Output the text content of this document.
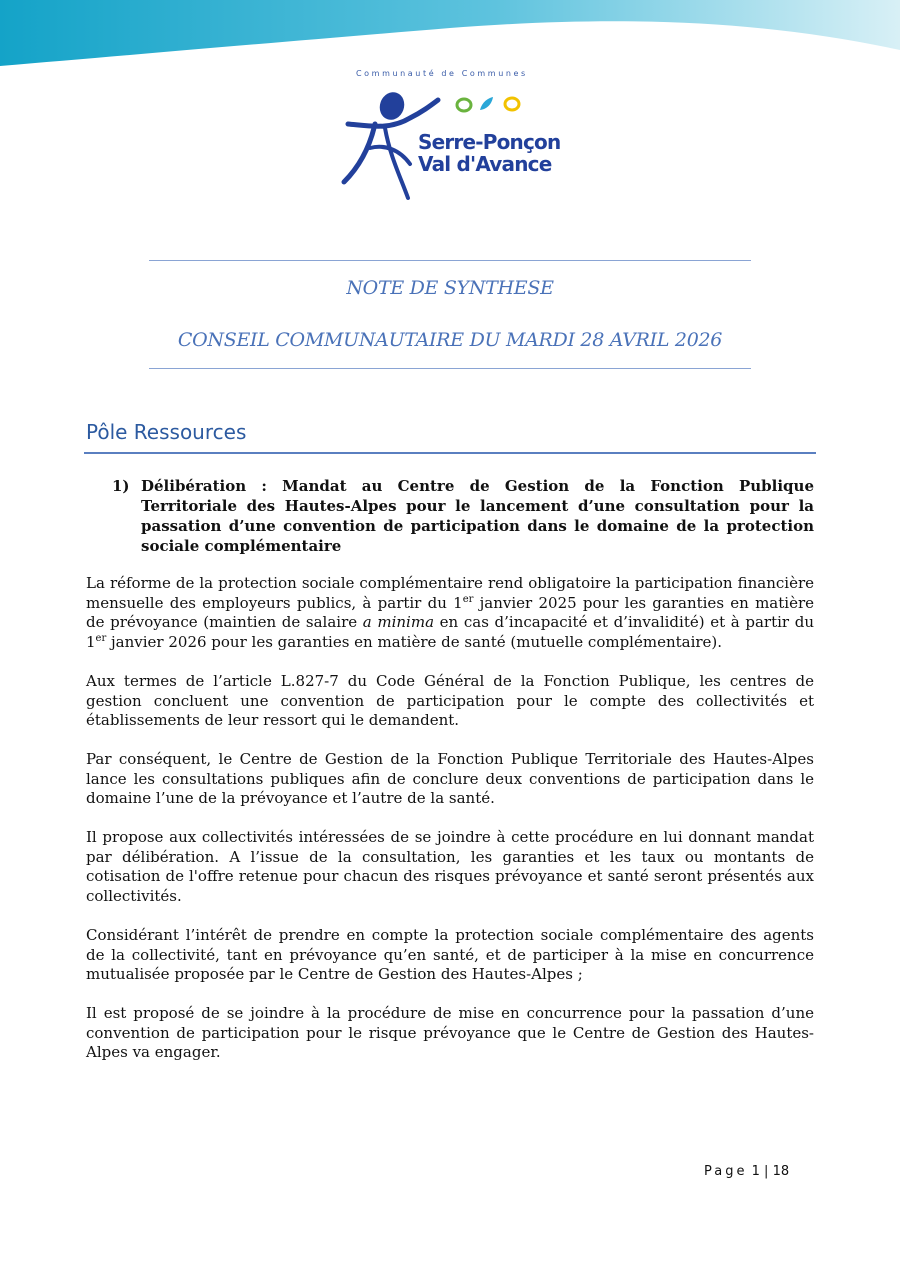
Communauté de Communes
Serre-Ponçon
Val d'Avance
NOTE DE SYNTHESE
CONSEIL COMMUNAUTAIRE DU MARDI 28 AVRIL 2026
Pôle Ressources
1) Délibération : Mandat au Centre de Gestion de la Fonction Publique Territoriale des Hautes-Alpes pour le lancement d’une consultation pour la passation d’une convention de participation dans le domaine de la protection sociale complémentaire
La réforme de la protection sociale complémentaire rend obligatoire la participation financière mensuelle des employeurs publics, à partir du 1er janvier 2025 pour les garanties en matière de prévoyance (maintien de salaire a minima en cas d’incapacité et d’invalidité) et à partir du 1er janvier 2026 pour les garanties en matière de santé (mutuelle complémentaire).
Aux termes de l’article L.827-7 du Code Général de la Fonction Publique, les centres de gestion concluent une convention de participation pour le compte des collectivités et établissements de leur ressort qui le demandent.
Par conséquent, le Centre de Gestion de la Fonction Publique Territoriale des Hautes-Alpes lance les consultations publiques afin de conclure deux conventions de participation dans le domaine l’une de la prévoyance et l’autre de la santé.
Il propose aux collectivités intéressées de se joindre à cette procédure en lui donnant mandat par délibération. A l’issue de la consultation, les garanties et les taux ou montants de cotisation de l'offre retenue pour chacun des risques prévoyance et santé seront présentés aux collectivités.
Considérant l’intérêt de prendre en compte la protection sociale complémentaire des agents de la collectivité, tant en prévoyance qu’en santé, et de participer à la mise en concurrence mutualisée proposée par le Centre de Gestion des Hautes-Alpes ;
Il est proposé de se joindre à la procédure de mise en concurrence pour la passation d’une convention de participation pour le risque prévoyance que le Centre de Gestion des Hautes-Alpes va engager.
Page 1 | 18
